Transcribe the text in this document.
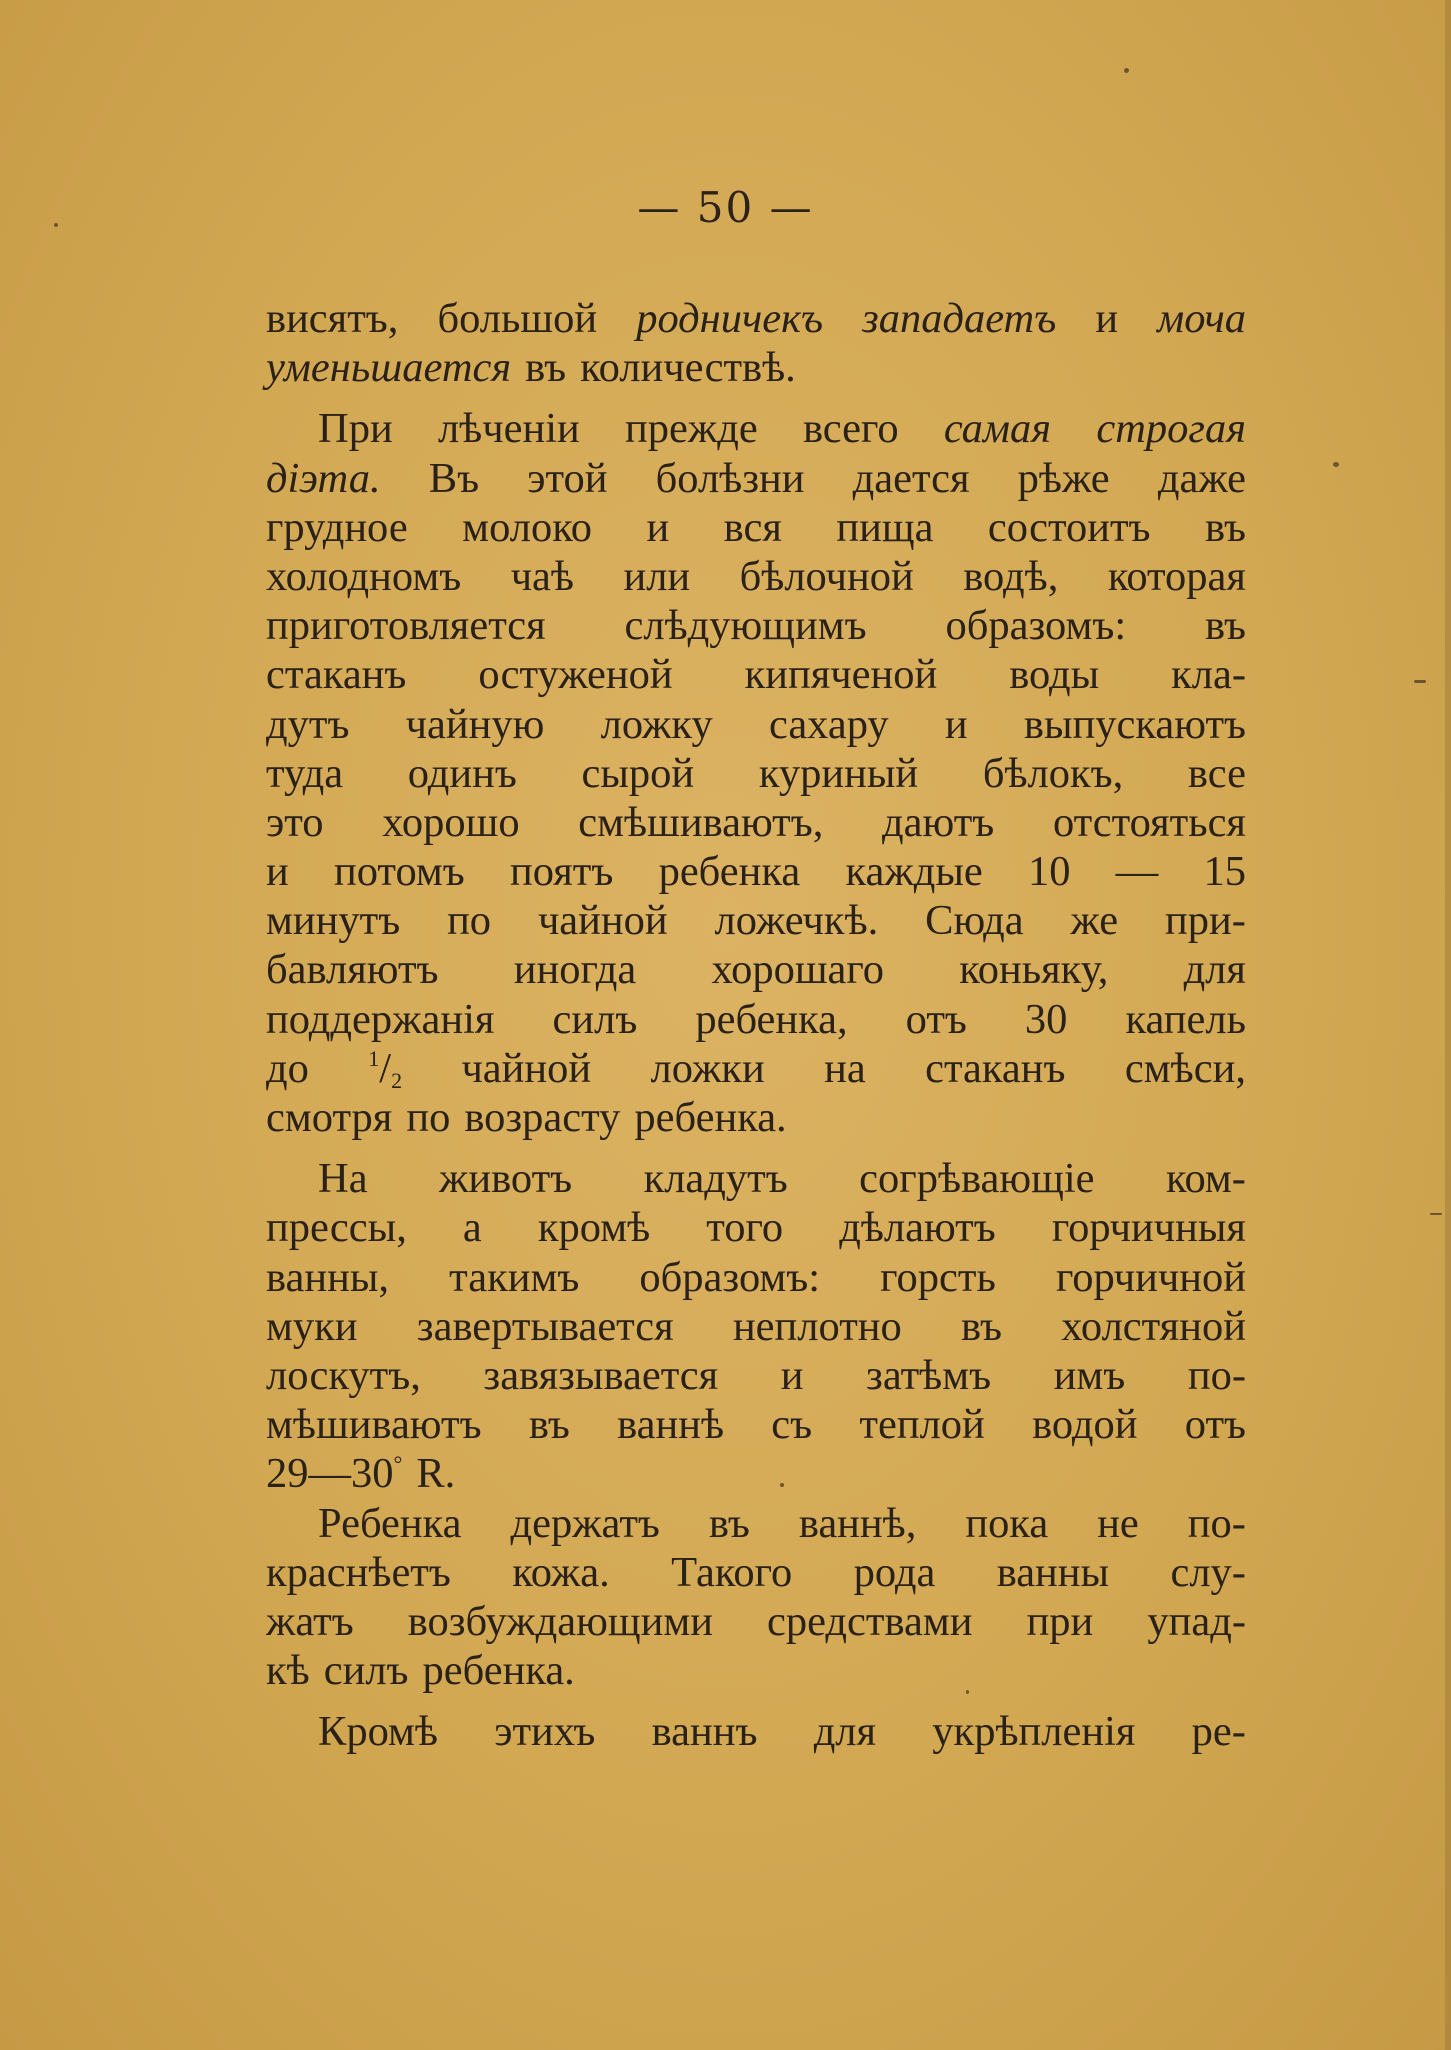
— 50 —
висятъ, большой родничекъ западаетъ и моча
уменьшается въ количествѣ.
При лѣченіи прежде всего самая строгая
діэта. Въ этой болѣзни дается рѣже даже
грудное молоко и вся пища состоитъ въ
холодномъ чаѣ или бѣлочной водѣ, которая
приготовляется слѣдующимъ образомъ: въ
стаканъ остуженой кипяченой воды кла-
дутъ чайную ложку сахару и выпускаютъ
туда одинъ сырой куриный бѣлокъ, все
это хорошо смѣшиваютъ, даютъ отстояться
и потомъ поятъ ребенка каждые 10 — 15
минутъ по чайной ложечкѣ. Сюда же при-
бавляютъ иногда хорошаго коньяку, для
поддержанія силъ ребенка, отъ 30 капель
до	$^1$/2 чайной ложки на стаканъ смѣси,
смотря по возрасту ребенка.
На животъ кладутъ согрѣвающіе ком-
прессы, а кромѣ того дѣлаютъ горчичныя
ванны, такимъ образомъ: горсть горчичной
муки завертывается неплотно въ холстяной
лоскутъ, завязывается и затѣмъ имъ по-
мѣшиваютъ въ ваннѣ съ теплой водой отъ
29—30° R.
Ребенка держатъ въ ваннѣ, пока не по-
краснѣетъ кожа. Такого рода ванны слу-
жатъ возбуждающими средствами при упад-
кѣ силъ ребенка.
Кромѣ этихъ ваннъ для укрѣпленія ре-
